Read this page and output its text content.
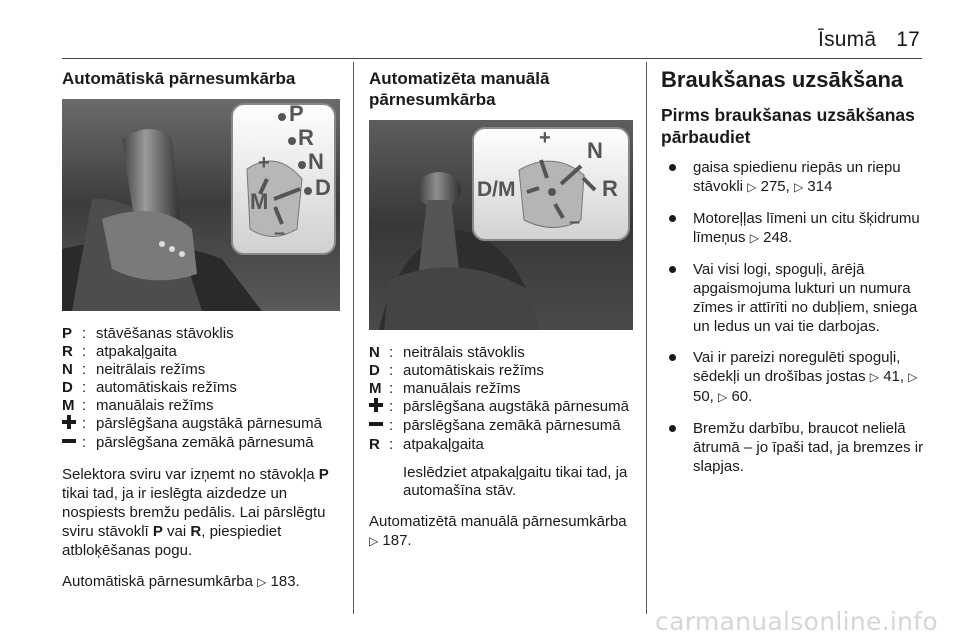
Īsumā 17
Automātiskā pārnesumkārba
P
R
N
D
M
+
–
P : stāvēšanas stāvoklis
R : atpakaļgaita
N : neitrālais režīms
D : automātiskais režīms
M : manuālais režīms
: pārslēgšana augstākā pārnesumā
: pārslēgšana zemākā pārnesumā

Selektora sviru var izņemt no stāvokļa P tikai tad, ja ir ieslēgta aizdedze un nospiests bremžu pedālis. Lai pārslēgtu sviru stāvoklī P vai R, piespiediet atbloķēšanas pogu.

Automātiskā pārnesumkārba ▷ 183.

Automatizēta manuālā pārnesumkārba
D/M
+ N
R
–
N : neitrālais stāvoklis
D : automātiskais režīms
M : manuālais režīms
: pārslēgšana augstākā pārnesumā
: pārslēgšana zemākā pārnesumā
R : atpakaļgaita
Ieslēdziet atpakaļgaitu tikai tad, ja automašīna stāv.

Automatizētā manuālā pārnesumkārba ▷ 187.

Braukšanas uzsākšana
Pirms braukšanas uzsākšanas pārbaudiet
gaisa spiedienu riepās un riepu stāvokli ▷ 275, ▷ 314
Motoreļļas līmeni un citu šķidrumu līmeņus ▷ 248.
Vai visi logi, spoguļi, ārējā apgaismojuma lukturi un numura zīmes ir attīrīti no dubļiem, sniega un ledus un vai tie darbojas.
Vai ir pareizi noregulēti spoguļi, sēdekļi un drošības jostas ▷ 41, ▷ 50, ▷ 60.
Bremžu darbību, braucot nelielā ātrumā – jo īpaši tad, ja bremzes ir slapjas.
carmanualsonline.info
